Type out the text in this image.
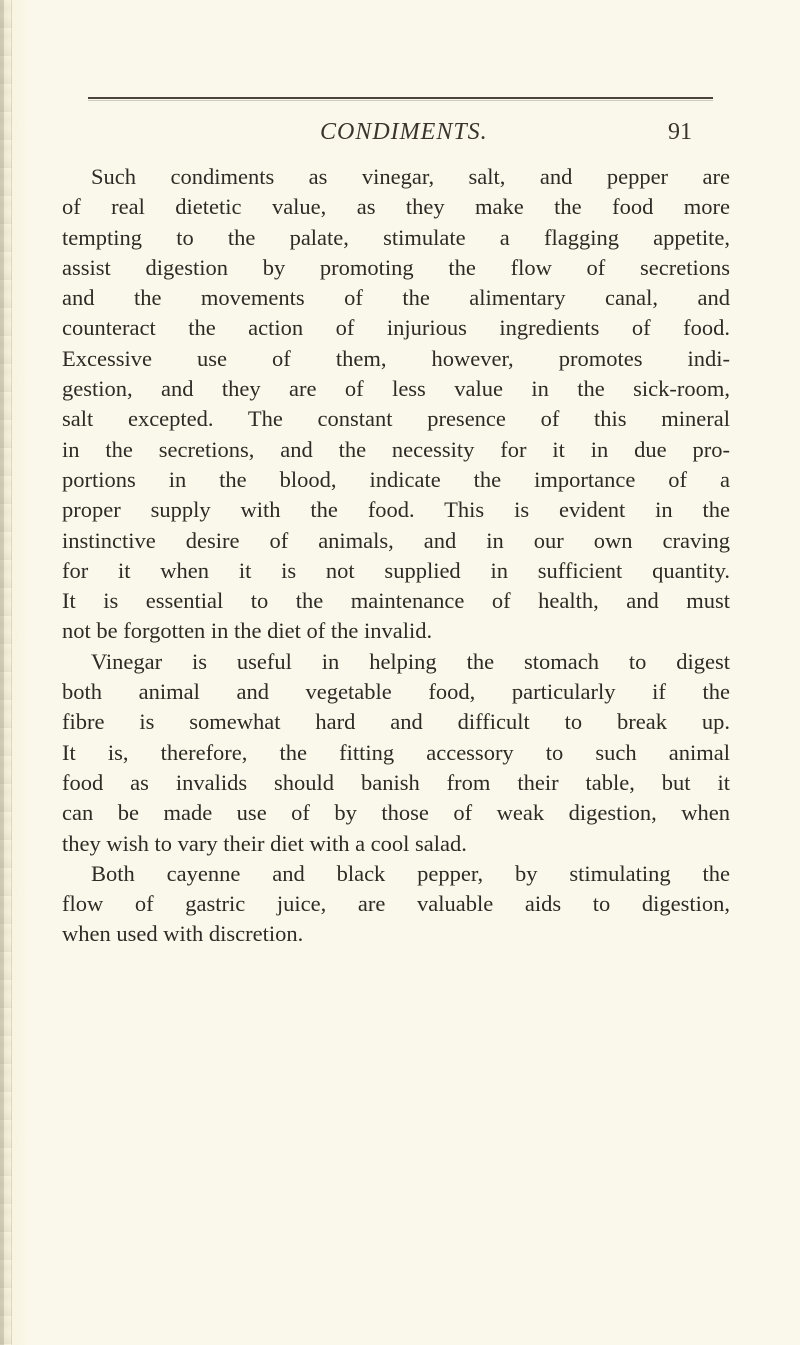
CONDIMENTS.	91
Such condiments as vinegar, salt, and pepper are
of real dietetic value, as they make the food more
tempting to the palate, stimulate a flagging appetite,
assist digestion by promoting the flow of secretions
and the movements of the alimentary canal, and
counteract the action of injurious ingredients of food.
Excessive use of them, however, promotes indi-
gestion, and they are of less value in the sick-room,
salt excepted. The constant presence of this mineral
in the secretions, and the necessity for it in due pro-
portions in the blood, indicate the importance of a
proper supply with the food. This is evident in the
instinctive desire of animals, and in our own craving
for it when it is not supplied in sufficient quantity.
It is essential to the maintenance of health, and must
not be forgotten in the diet of the invalid.
Vinegar is useful in helping the stomach to digest
both animal and vegetable food, particularly if the
fibre is somewhat hard and difficult to break up.
It is, therefore, the fitting accessory to such animal
food as invalids should banish from their table, but it
can be made use of by those of weak digestion, when
they wish to vary their diet with a cool salad.
Both cayenne and black pepper, by stimulating the
flow of gastric juice, are valuable aids to digestion,
when used with discretion.
